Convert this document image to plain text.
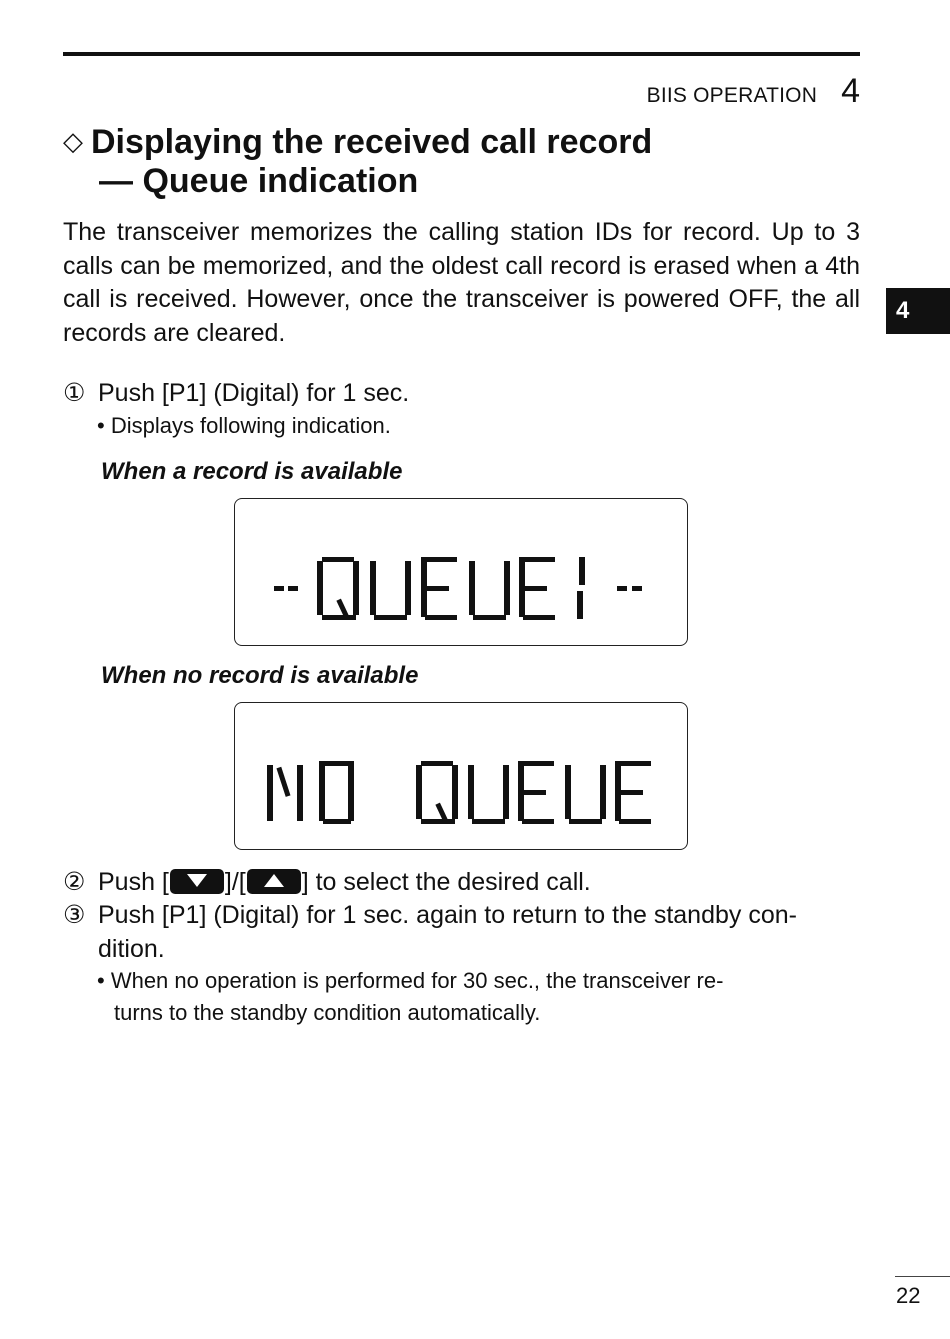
BIIS OPERATION 4
4
◇ Displaying the received call record
— Queue indication

The transceiver memorizes the calling station IDs for record. Up to 3 calls can be memorized, and the oldest call record is erased when a 4th call is received. However, once the transceiver is powered OFF, the all records are cleared.

① Push [P1] (Digital) for 1 sec.
• Displays following indication.
When a record is available
When no record is available
② Push [ ]/[ ] to select the desired call.
③ Push [P1] (Digital) for 1 sec. again to return to the standby con-
dition.
• When no operation is performed for 30 sec., the transceiver re-
turns to the standby condition automatically.
22
